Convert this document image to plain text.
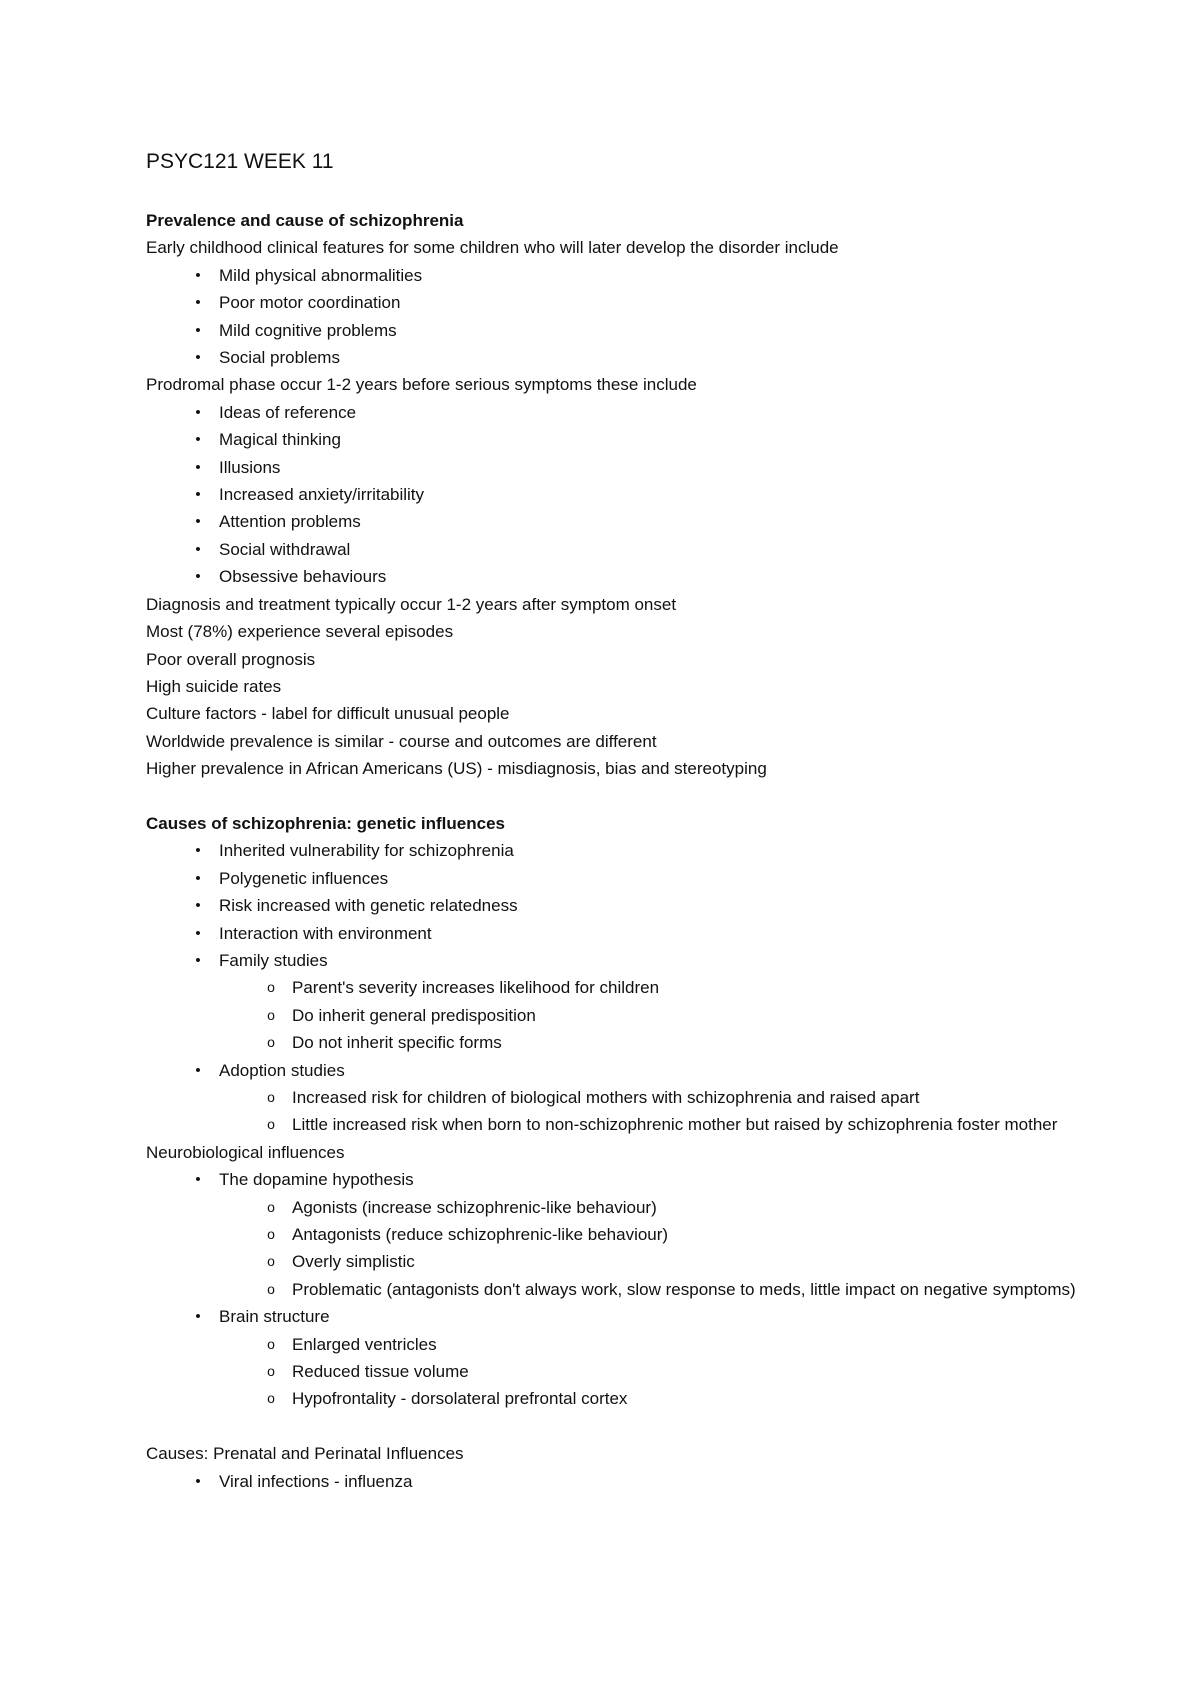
PSYC121 WEEK 11
Prevalence and cause of schizophrenia
Early childhood clinical features for some children who will later develop the disorder include
•	Mild physical abnormalities
•	Poor motor coordination
•	Mild cognitive problems
•	Social problems
Prodromal phase occur 1-2 years before serious symptoms these include
•	Ideas of reference
•	Magical thinking
•	Illusions
•	Increased anxiety/irritability
•	Attention problems
•	Social withdrawal
•	Obsessive behaviours
Diagnosis and treatment typically occur 1-2 years after symptom onset
Most (78%) experience several episodes
Poor overall prognosis
High suicide rates
Culture factors - label for difficult unusual people
Worldwide prevalence is similar - course and outcomes are different
Higher prevalence in African Americans (US) - misdiagnosis, bias and stereotyping
Causes of schizophrenia: genetic influences
•	Inherited vulnerability for schizophrenia
•	Polygenetic influences
•	Risk increased with genetic relatedness
•	Interaction with environment
•	Family studies
o	Parent's severity increases likelihood for children
o	Do inherit general predisposition
o	Do not inherit specific forms
•	Adoption studies
o	Increased risk for children of biological mothers with schizophrenia and raised apart
o	Little increased risk when born to non-schizophrenic mother but raised by schizophrenia foster mother
Neurobiological influences
•	The dopamine hypothesis
o	Agonists (increase schizophrenic-like behaviour)
o	Antagonists (reduce schizophrenic-like behaviour)
o	Overly simplistic
o	Problematic (antagonists don't always work, slow response to meds, little impact on negative symptoms)
•	Brain structure
o	Enlarged ventricles
o	Reduced tissue volume
o	Hypofrontality - dorsolateral prefrontal cortex
Causes: Prenatal and Perinatal Influences
•	Viral infections - influenza
